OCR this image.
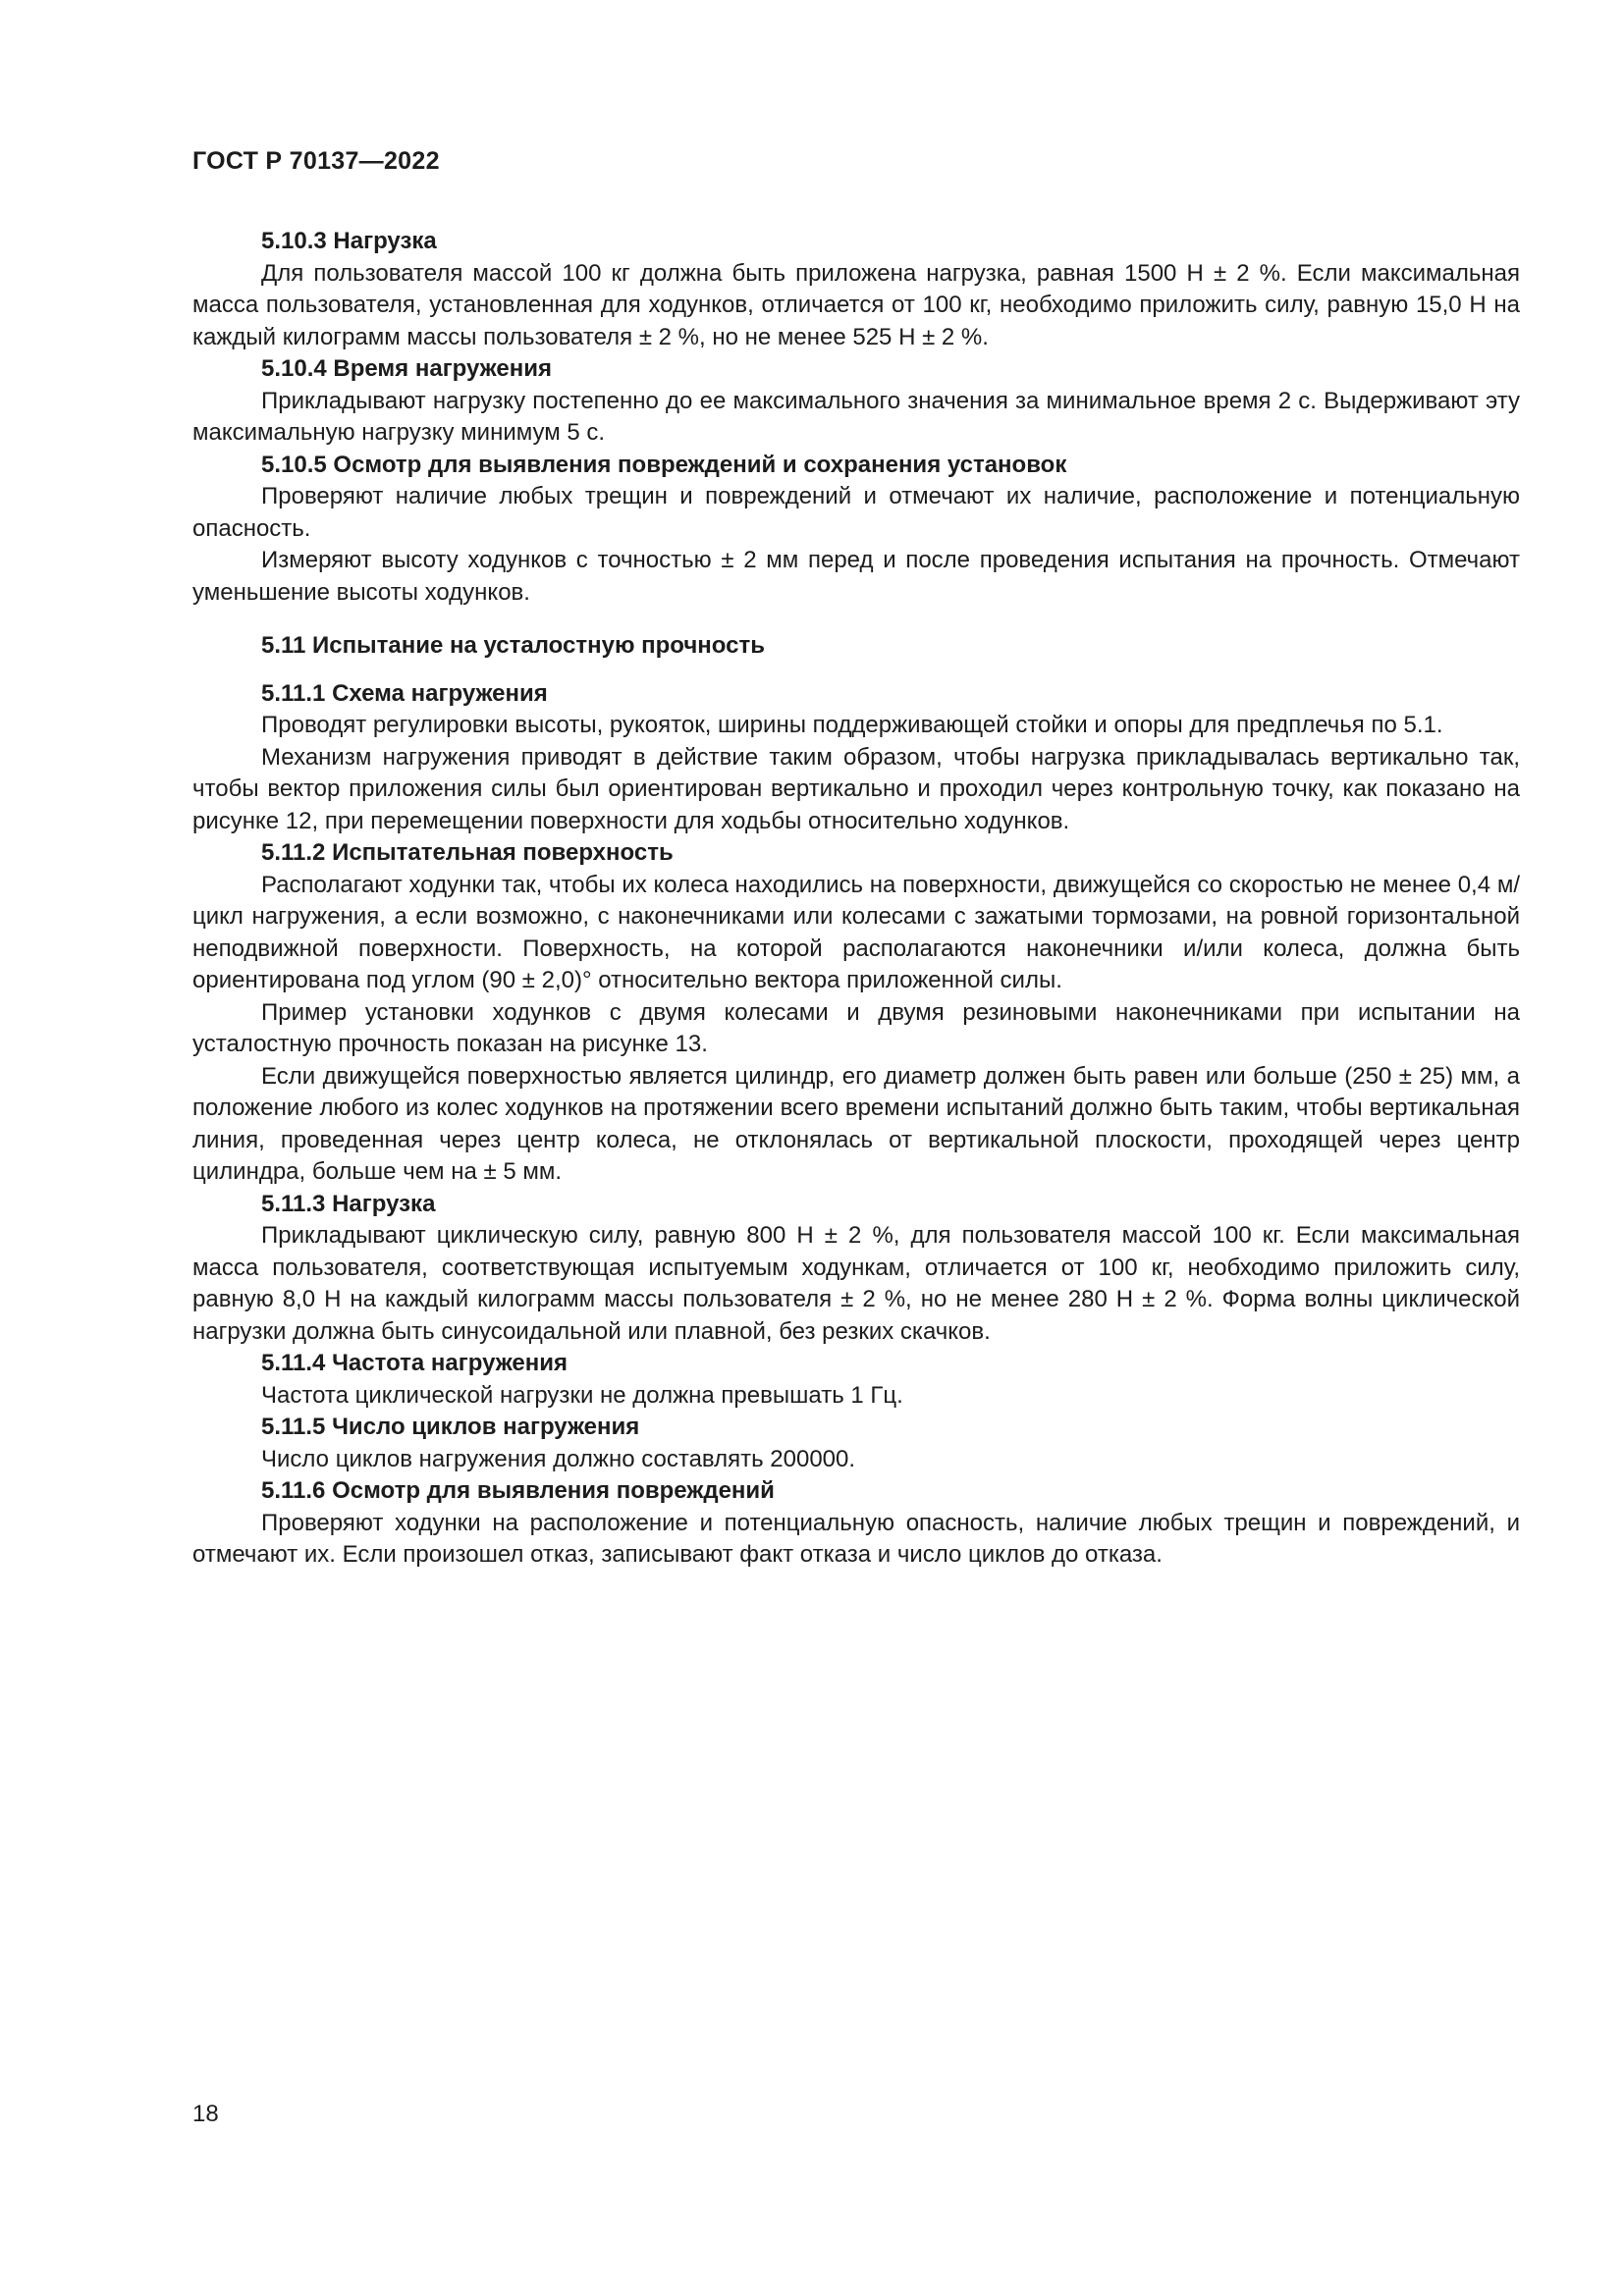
ГОСТ Р 70137—2022
5.10.3 Нагрузка

Для пользователя массой 100 кг должна быть приложена нагрузка, равная 1500 Н ± 2 %. Если максимальная масса пользователя, установленная для ходунков, отличается от 100 кг, необходимо приложить силу, равную 15,0 Н на каждый килограмм массы пользователя ± 2 %, но не менее 525 Н ± 2 %.

5.10.4 Время нагружения

Прикладывают нагрузку постепенно до ее максимального значения за минимальное время 2 с. Выдерживают эту максимальную нагрузку минимум 5 с.

5.10.5 Осмотр для выявления повреждений и сохранения установок

Проверяют наличие любых трещин и повреждений и отмечают их наличие, расположение и потенциальную опасность.

Измеряют высоту ходунков с точностью ± 2 мм перед и после проведения испытания на прочность. Отмечают уменьшение высоты ходунков.

5.11 Испытание на усталостную прочность
5.11.1 Схема нагружения

Проводят регулировки высоты, рукояток, ширины поддерживающей стойки и опоры для предплечья по 5.1.

Механизм нагружения приводят в действие таким образом, чтобы нагрузка прикладывалась вертикально так, чтобы вектор приложения силы был ориентирован вертикально и проходил через контрольную точку, как показано на рисунке 12, при перемещении поверхности для ходьбы относительно ходунков.

5.11.2 Испытательная поверхность

Располагают ходунки так, чтобы их колеса находились на поверхности, движущейся со скоростью не менее 0,4 м/цикл нагружения, а если возможно, с наконечниками или колесами с зажатыми тормозами, на ровной горизонтальной неподвижной поверхности. Поверхность, на которой располагаются наконечники и/или колеса, должна быть ориентирована под углом (90 ± 2,0)° относительно вектора приложенной силы.

Пример установки ходунков с двумя колесами и двумя резиновыми наконечниками при испытании на усталостную прочность показан на рисунке 13.

Если движущейся поверхностью является цилиндр, его диаметр должен быть равен или больше (250 ± 25) мм, а положение любого из колес ходунков на протяжении всего времени испытаний должно быть таким, чтобы вертикальная линия, проведенная через центр колеса, не отклонялась от вертикальной плоскости, проходящей через центр цилиндра, больше чем на ± 5 мм.

5.11.3 Нагрузка

Прикладывают циклическую силу, равную 800 Н ± 2 %, для пользователя массой 100 кг. Если максимальная масса пользователя, соответствующая испытуемым ходункам, отличается от 100 кг, необходимо приложить силу, равную 8,0 Н на каждый килограмм массы пользователя ± 2 %, но не менее 280 Н ± 2 %. Форма волны циклической нагрузки должна быть синусоидальной или плавной, без резких скачков.

5.11.4 Частота нагружения

Частота циклической нагрузки не должна превышать 1 Гц.

5.11.5 Число циклов нагружения

Число циклов нагружения должно составлять 200000.

5.11.6 Осмотр для выявления повреждений

Проверяют ходунки на расположение и потенциальную опасность, наличие любых трещин и повреждений, и отмечают их. Если произошел отказ, записывают факт отказа и число циклов до отказа.

18
